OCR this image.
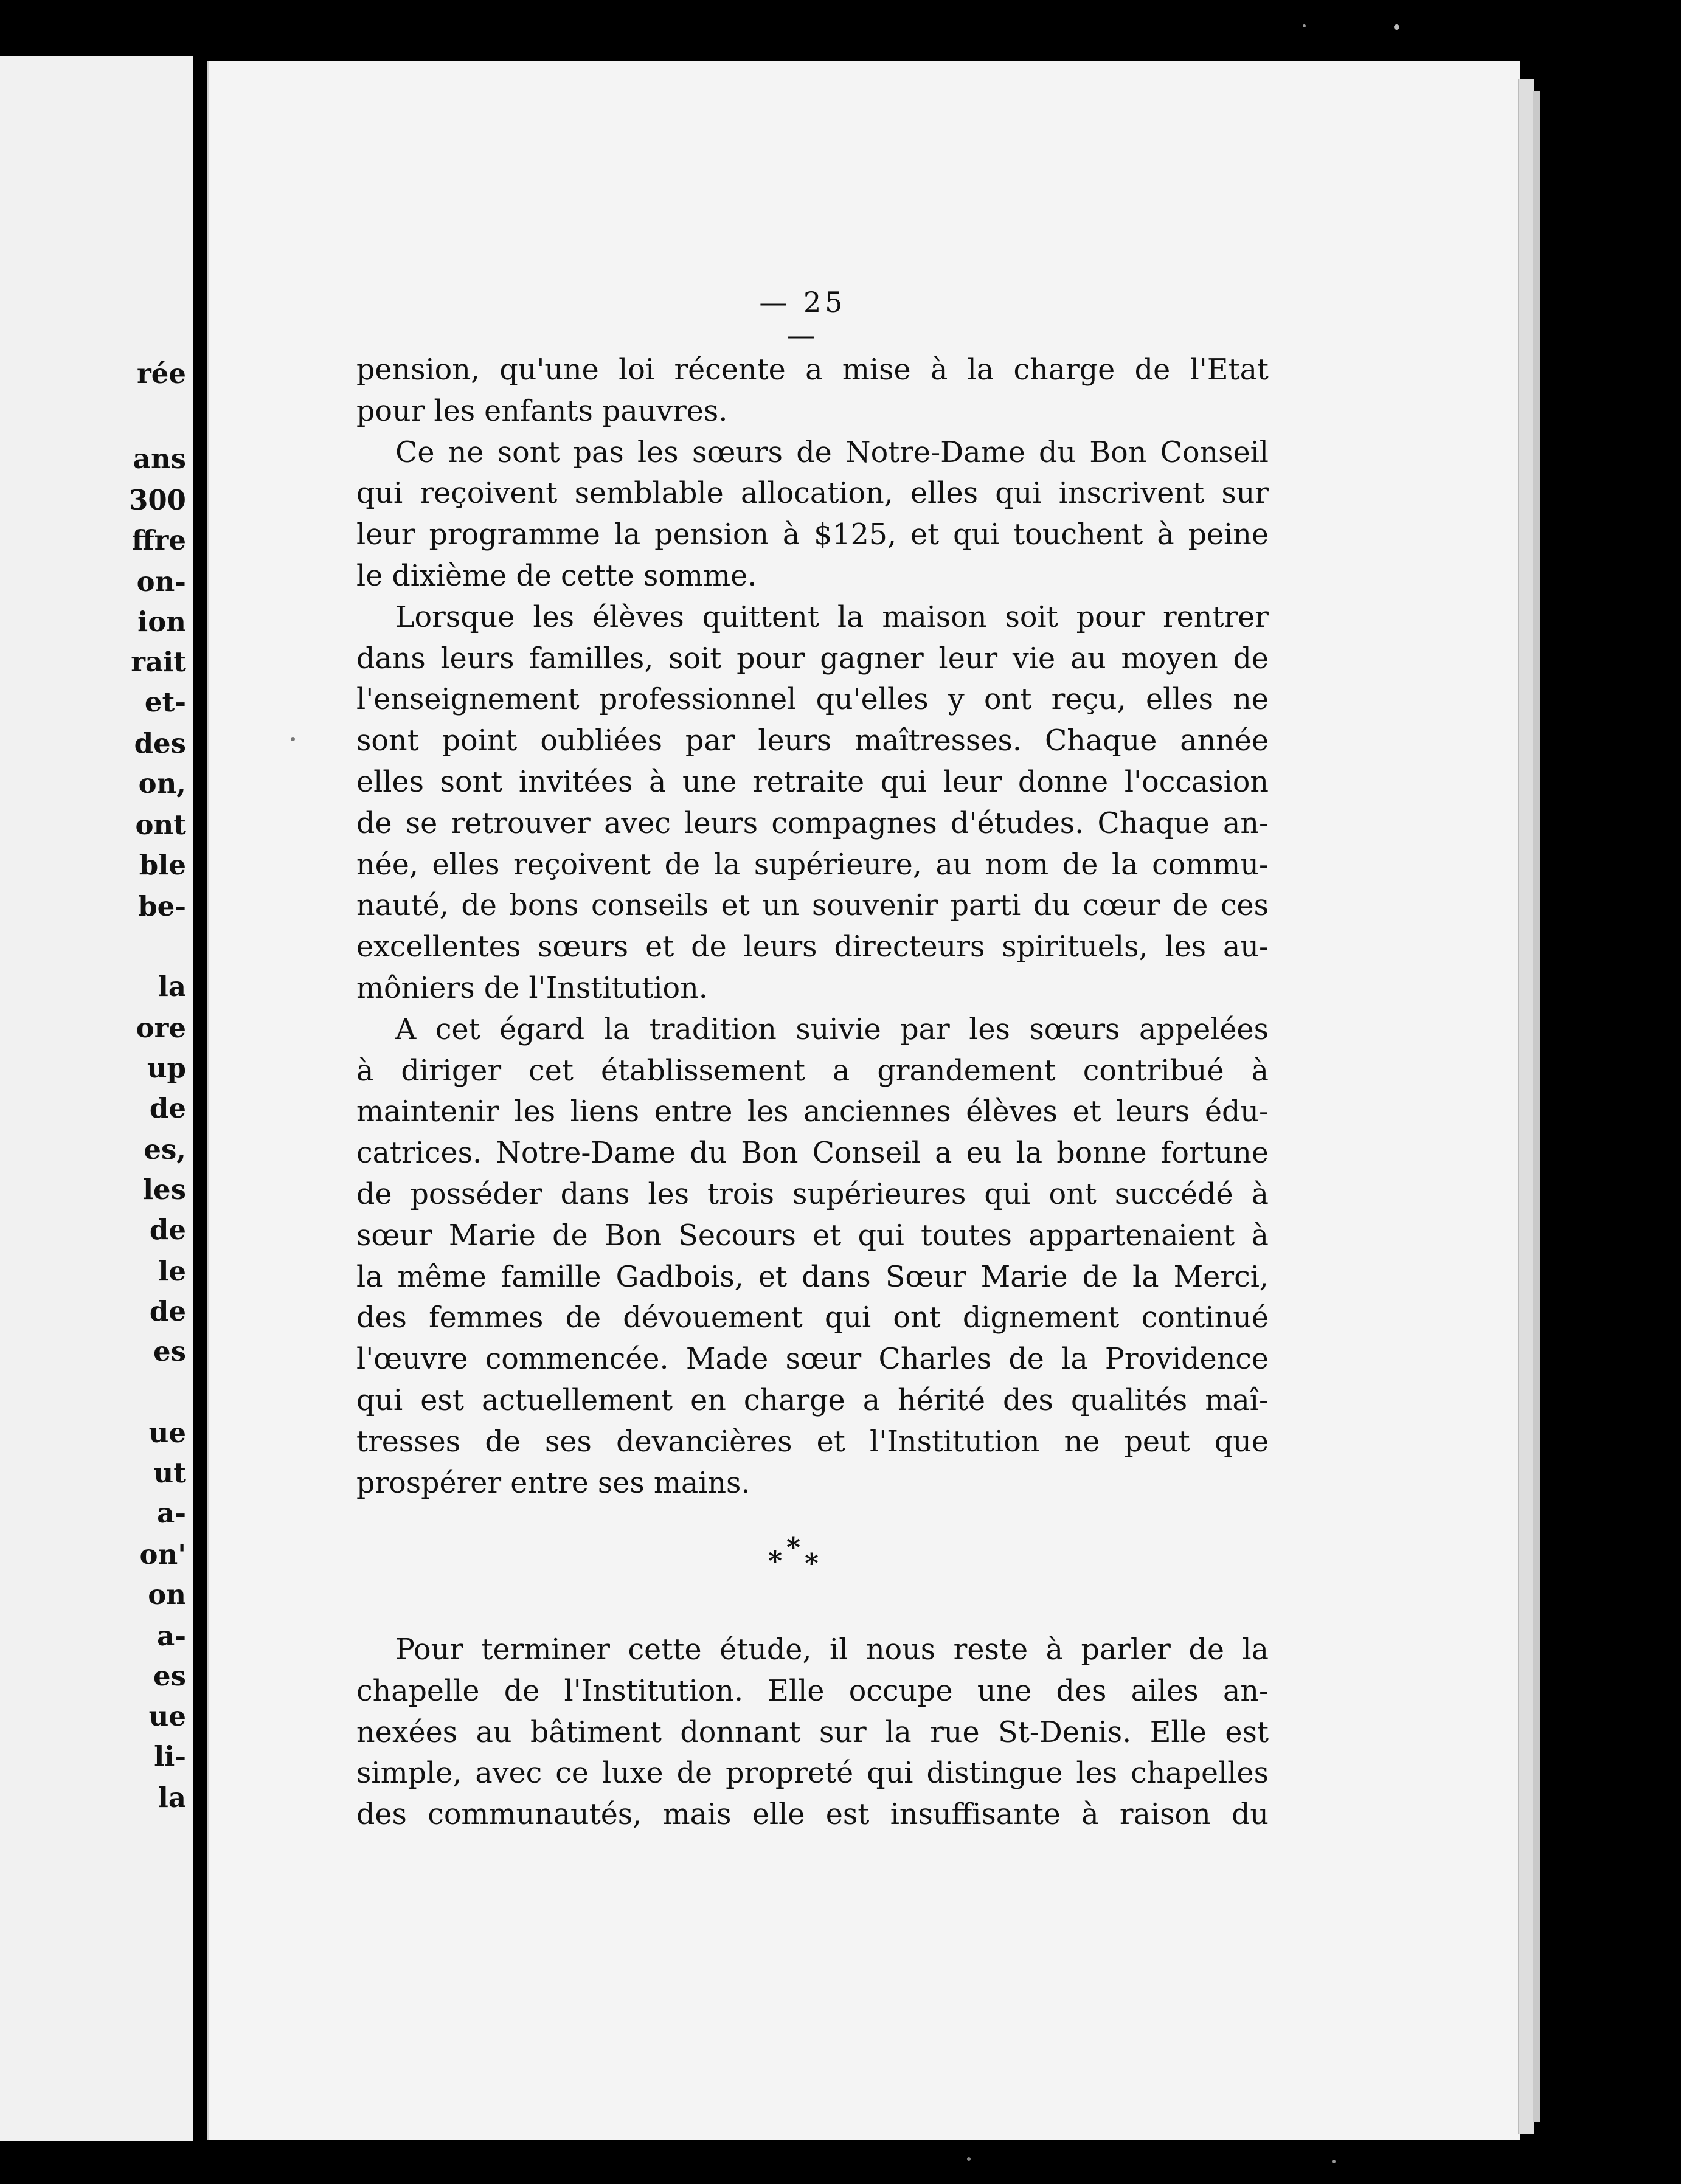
rée
ans
300
ffre
on-
ion
rait
et-
des
on,
ont
ble
be-
la
ore
up
de
es,
les
de
le
de
es
ue
ut
a-
on'
on
a-
es
ue
li-
la
— 25 —
pension, qu'une loi récente a mise à la charge de l'Etat
pour les enfants pauvres.
Ce ne sont pas les sœurs de Notre-Dame du Bon Conseil
qui reçoivent semblable allocation, elles qui inscrivent sur
leur programme la pension à $125, et qui touchent à peine
le dixième de cette somme.
Lorsque les élèves quittent la maison soit pour rentrer
dans leurs familles, soit pour gagner leur vie au moyen de
l'enseignement professionnel qu'elles y ont reçu, elles ne
sont point oubliées par leurs maîtresses. Chaque année
elles sont invitées à une retraite qui leur donne l'occasion
de se retrouver avec leurs compagnes d'études. Chaque an-
née, elles reçoivent de la supérieure, au nom de la commu-
nauté, de bons conseils et un souvenir parti du cœur de ces
excellentes sœurs et de leurs directeurs spirituels, les au-
môniers de l'Institution.
A cet égard la tradition suivie par les sœurs appelées
à diriger cet établissement a grandement contribué à
maintenir les liens entre les anciennes élèves et leurs édu-
catrices. Notre-Dame du Bon Conseil a eu la bonne fortune
de posséder dans les trois supérieures qui ont succédé à
sœur Marie de Bon Secours et qui toutes appartenaient à
la même famille Gadbois, et dans Sœur Marie de la Merci,
des femmes de dévouement qui ont dignement continué
l'œuvre commencée. Made sœur Charles de la Providence
qui est actuellement en charge a hérité des qualités maî-
tresses de ses devancières et l'Institution ne peut que
prospérer entre ses mains.
* *
*
Pour terminer cette étude, il nous reste à parler de la
chapelle de l'Institution. Elle occupe une des ailes an-
nexées au bâtiment donnant sur la rue St-Denis. Elle est
simple, avec ce luxe de propreté qui distingue les chapelles
des communautés, mais elle est insuffisante à raison du
